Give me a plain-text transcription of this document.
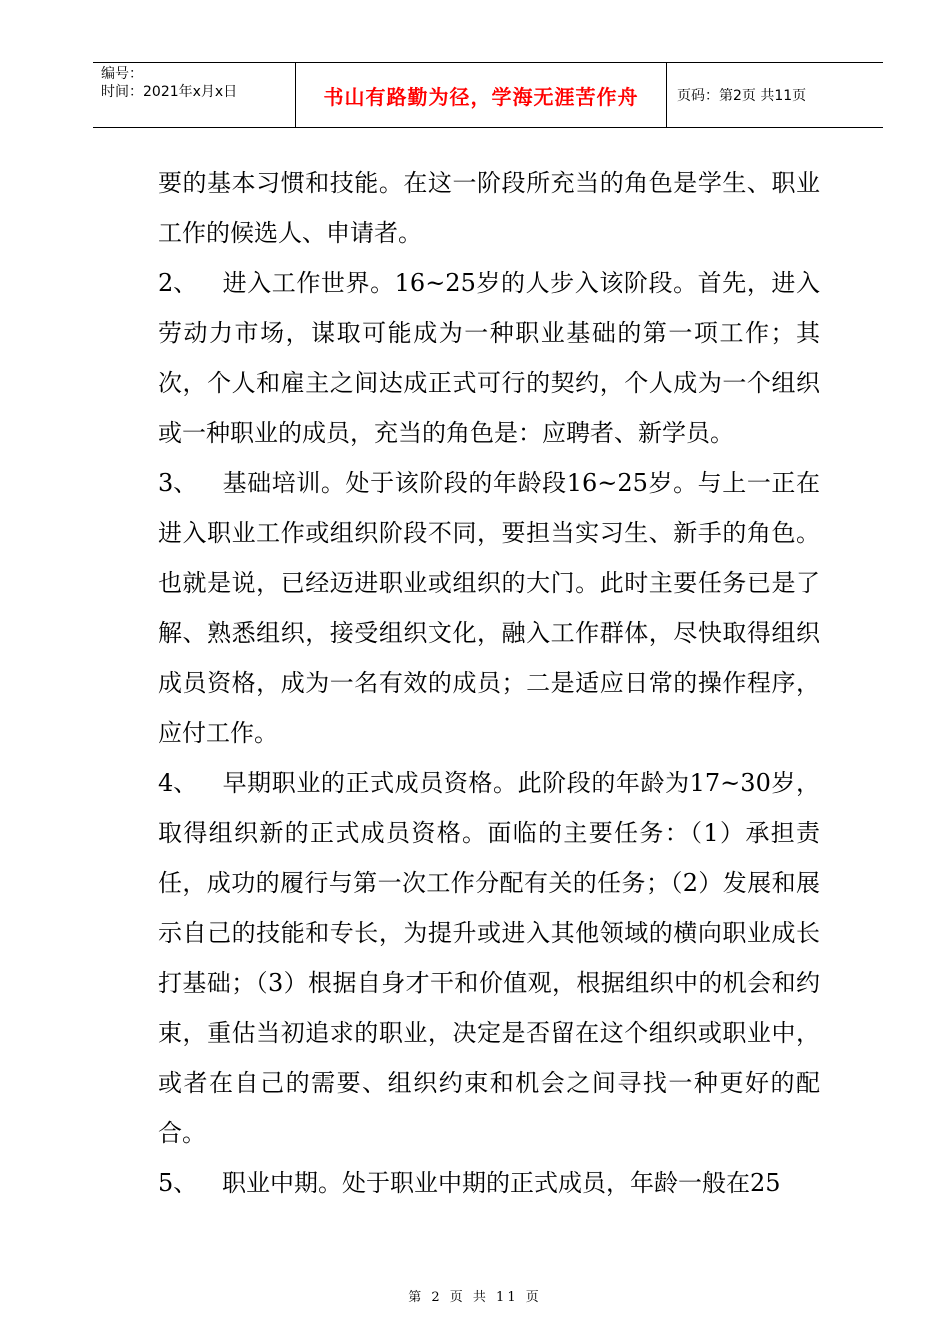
编号：
时间：2021年x月x日	书山有路勤为径，学海无涯苦作舟	页码：第2页 共11页

要的基本习惯和技能。在这一阶段所充当的角色是学生、职业工作的候选人、申请者。

2、 进入工作世界。16~25岁的人步入该阶段。首先，进入劳动力市场，谋取可能成为一种职业基础的第一项工作；其次，个人和雇主之间达成正式可行的契约，个人成为一个组织或一种职业的成员，充当的角色是：应聘者、新学员。

3、 基础培训。处于该阶段的年龄段16~25岁。与上一正在进入职业工作或组织阶段不同，要担当实习生、新手的角色。也就是说，已经迈进职业或组织的大门。此时主要任务已是了解、熟悉组织，接受组织文化，融入工作群体，尽快取得组织成员资格，成为一名有效的成员；二是适应日常的操作程序，应付工作。

4、 早期职业的正式成员资格。此阶段的年龄为17~30岁，取得组织新的正式成员资格。面临的主要任务：（1）承担责任，成功的履行与第一次工作分配有关的任务；（2）发展和展示自己的技能和专长，为提升或进入其他领域的横向职业成长打基础；（3）根据自身才干和价值观，根据组织中的机会和约束，重估当初追求的职业，决定是否留在这个组织或职业中，或者在自己的需要、组织约束和机会之间寻找一种更好的配合。

5、 职业中期。处于职业中期的正式成员，年龄一般在25

第 2 页 共 11 页
